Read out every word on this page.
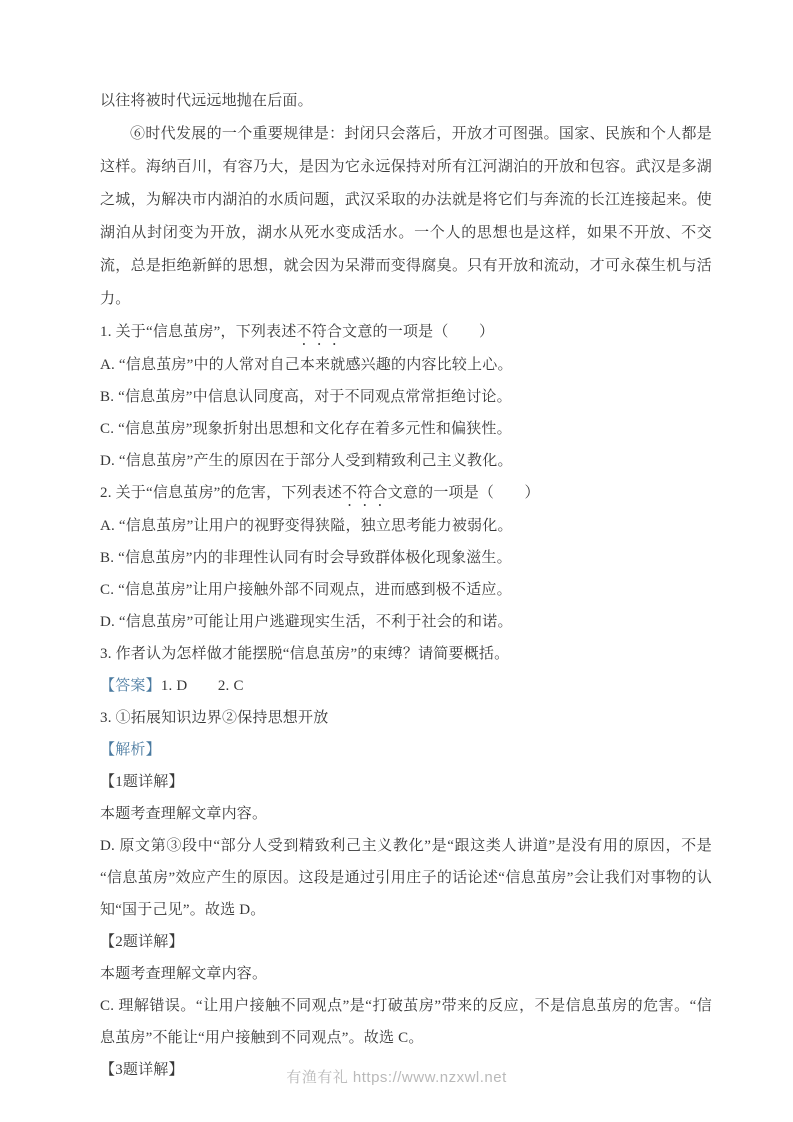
以往将被时代远远地抛在后面。

⑥时代发展的一个重要规律是：封闭只会落后，开放才可图强。国家、民族和个人都是这样。海纳百川，有容乃大，是因为它永远保持对所有江河湖泊的开放和包容。武汉是多湖之城，为解决市内湖泊的水质问题，武汉采取的办法就是将它们与奔流的长江连接起来。使湖泊从封闭变为开放，湖水从死水变成活水。一个人的思想也是这样，如果不开放、不交流，总是拒绝新鲜的思想，就会因为呆滞而变得腐臭。只有开放和流动，才可永葆生机与活力。

1. 关于“信息茧房”，下列表述不符合文意的一项是（　　）

A. “信息茧房”中的人常对自己本来就感兴趣的内容比较上心。

B. “信息茧房”中信息认同度高，对于不同观点常常拒绝讨论。

C. “信息茧房”现象折射出思想和文化存在着多元性和偏狭性。

D. “信息茧房”产生的原因在于部分人受到精致利己主义教化。

2. 关于“信息茧房”的危害，下列表述不符合文意的一项是（　　）

A. “信息茧房”让用户的视野变得狭隘，独立思考能力被弱化。

B. “信息茧房”内的非理性认同有时会导致群体极化现象滋生。

C. “信息茧房”让用户接触外部不同观点，进而感到极不适应。

D. “信息茧房”可能让用户逃避现实生活，不利于社会的和诺。

3. 作者认为怎样做才能摆脱“信息茧房”的束缚？请简要概括。

【答案】1. D　　2. C

3. ①拓展知识边界②保持思想开放

【解析】

【1题详解】

本题考查理解文章内容。

D. 原文第③段中“部分人受到精致利己主义教化”是“跟这类人讲道”是没有用的原因，不是“信息茧房”效应产生的原因。这段是通过引用庄子的话论述“信息茧房”会让我们对事物的认知“国于己见”。故选 D。

【2题详解】

本题考查理解文章内容。

C. 理解错误。“让用户接触不同观点”是“打破茧房”带来的反应，不是信息茧房的危害。“信息茧房”不能让“用户接触到不同观点”。故选 C。

【3题详解】	有渔有礼 https://www.nzxwl.net
